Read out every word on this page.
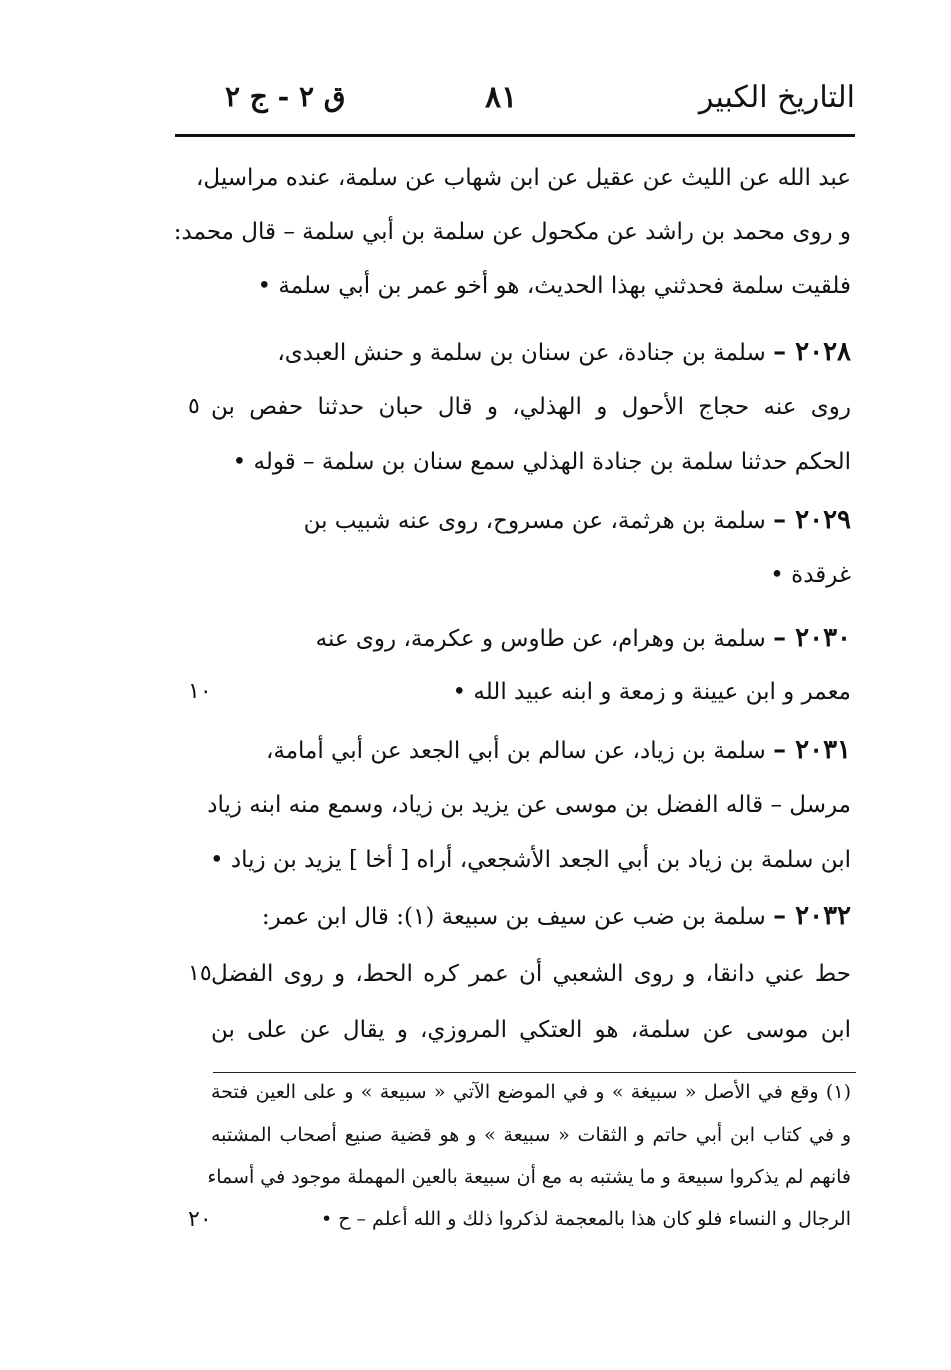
التاريخ الكبير
٨١
ق ٢ - ج ٢
عبد الله عن الليث عن عقيل عن ابن شهاب عن سلمة، عنده مراسيل،
و روى محمد بن راشد عن مكحول عن سلمة بن أبي سلمة – قال محمد:
فلقيت سلمة فحدثني بهذا الحديث، هو أخو عمر بن أبي سلمة •
٢٠٢٨ – سلمة بن جنادة، عن سنان بن سلمة و حنش العبدى،
روى عنه حجاج الأحول و الهذلي، و قال حبان حدثنا حفص بن
الحكم حدثنا سلمة بن جنادة الهذلي سمع سنان بن سلمة – قوله •
٢٠٢٩ – سلمة بن هرثمة، عن مسروح، روى عنه شبيب بن
غرقدة •
٢٠٣٠ – سلمة بن وهرام، عن طاوس و عكرمة، روى عنه
معمر و ابن عيينة و زمعة و ابنه عبيد الله •
٢٠٣١ – سلمة بن زياد، عن سالم بن أبي الجعد عن أبي أمامة،
مرسل – قاله الفضل بن موسى عن يزيد بن زياد، وسمع منه ابنه زياد
ابن سلمة بن زياد بن أبي الجعد الأشجعي، أراه [ أخا ] يزيد بن زياد •
٢٠٣٢ – سلمة بن ضب عن سيف بن سبيعة (١): قال ابن عمر:
حط عني دانقا، و روى الشعبي أن عمر كره الحط، و روى الفضل
ابن موسى عن سلمة، هو العتكي المروزي، و يقال عن على بن
(١) وقع في الأصل « سبيغة » و في الموضع الآتي « سبيعة » و على العين فتحة
و في كتاب ابن أبي حاتم و الثقات « سبيعة » و هو قضية صنيع أصحاب المشتبه
فانهم لم يذكروا سبيعة و ما يشتبه به مع أن سبيعة بالعين المهملة موجود في أسماء
الرجال و النساء فلو كان هذا بالمعجمة لذكروا ذلك و الله أعلم – ح •
٥
١٠
١٥
٢٠
